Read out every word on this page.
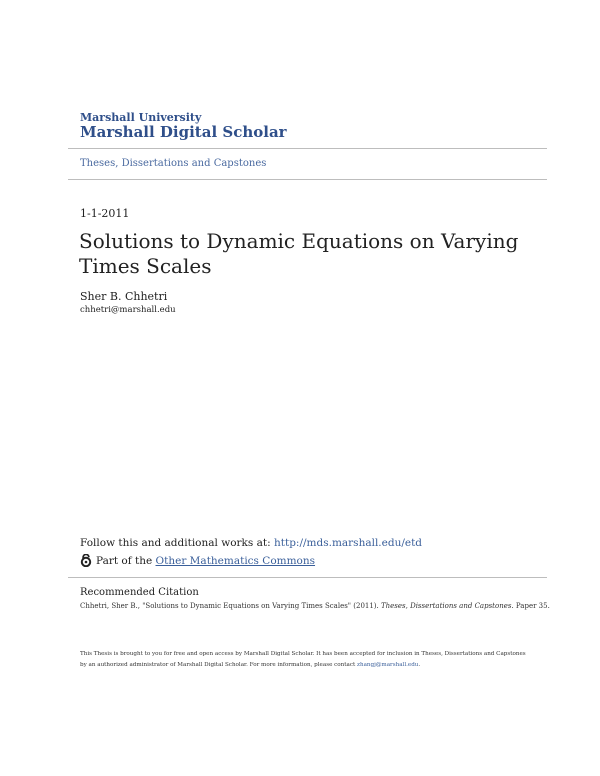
Marshall University
Marshall Digital Scholar
Theses, Dissertations and Capstones
1-1-2011
Solutions to Dynamic Equations on Varying Times Scales
Sher B. Chhetri
chhetri@marshall.edu
Follow this and additional works at: http://mds.marshall.edu/etd
Part of the
Other Mathematics Commons
Recommended Citation
Chhetri, Sher B., "Solutions to Dynamic Equations on Varying Times Scales" (2011). Theses, Dissertations and Capstones. Paper 35.
This Thesis is brought to you for free and open access by Marshall Digital Scholar. It has been accepted for inclusion in Theses, Dissertations and Capstones by an authorized administrator of Marshall Digital Scholar. For more information, please contact zhangj@marshall.edu.
